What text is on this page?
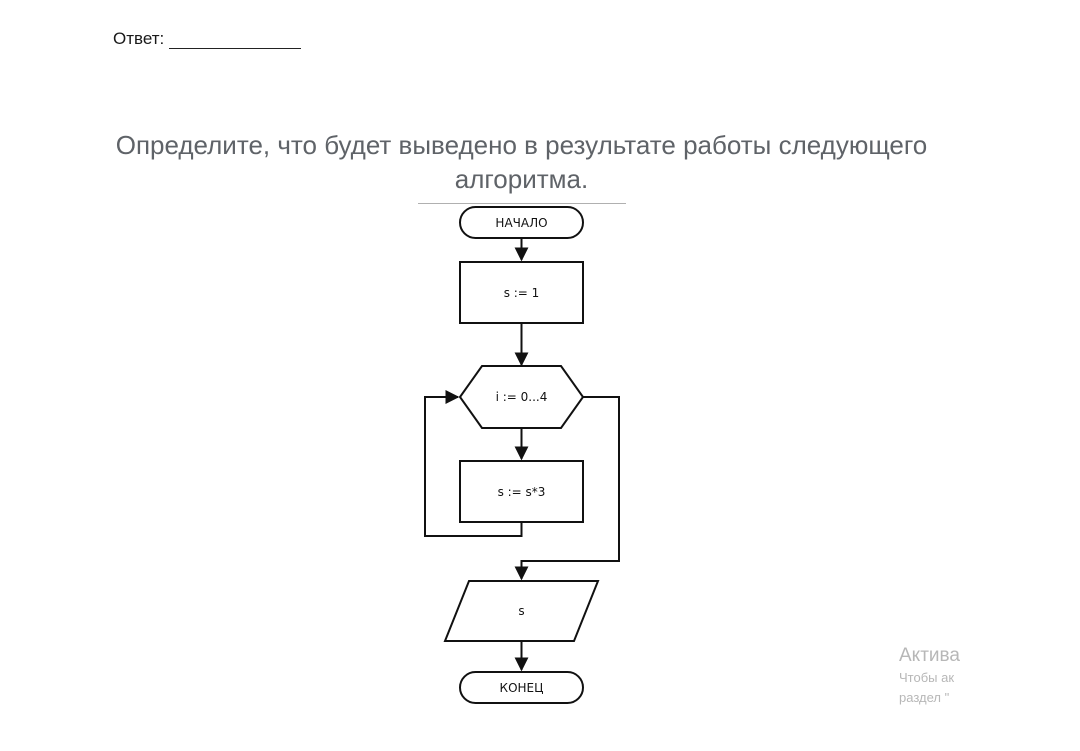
Ответ:
Определите, что будет выведено в результате работы следующего
алгоритма.
НАЧАЛО
s := 1
i := 0...4
s := s*3
s
КОНЕЦ
Актива
Чтобы ак
раздел "
